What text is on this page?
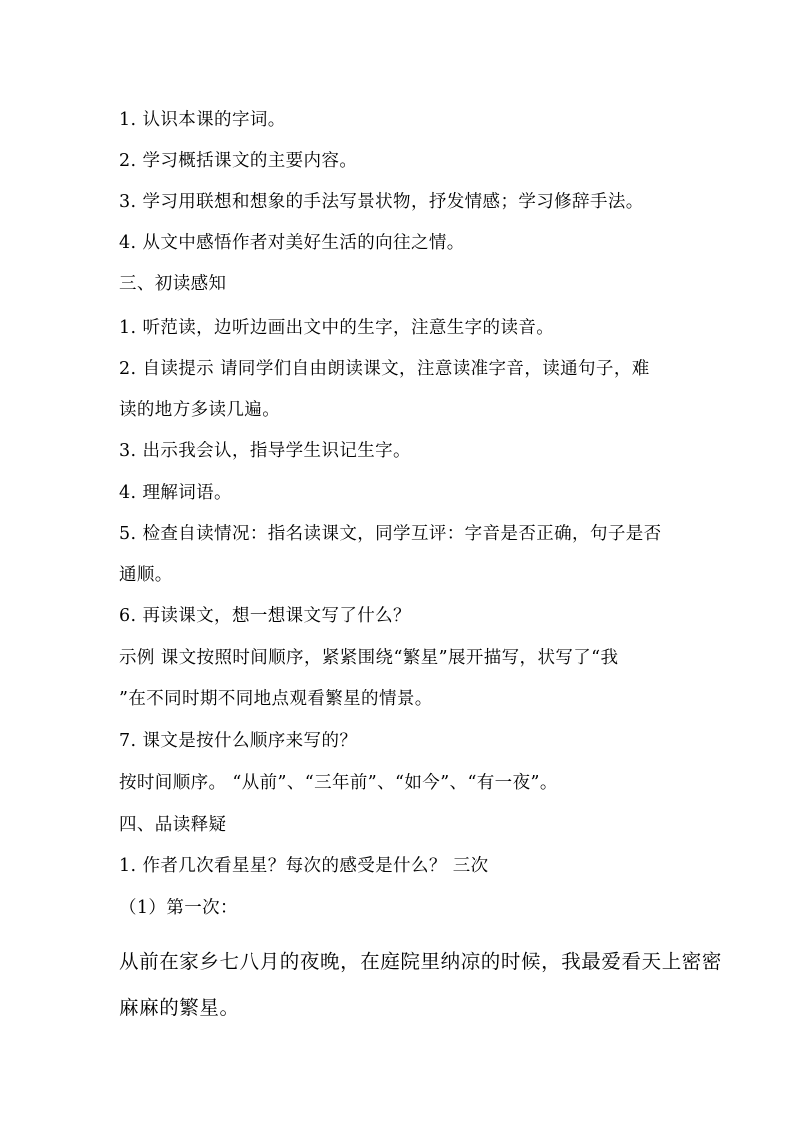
1. 认识本课的字词。
2. 学习概括课文的主要内容。
3. 学习用联想和想象的手法写景状物，抒发情感；学习修辞手法。
4. 从文中感悟作者对美好生活的向往之情。
三、初读感知
1. 听范读，边听边画出文中的生字，注意生字的读音。
2. 自读提示 请同学们自由朗读课文，注意读准字音，读通句子，难
读的地方多读几遍。
3. 出示我会认，指导学生识记生字。
4. 理解词语。
5. 检查自读情况：指名读课文，同学互评：字音是否正确，句子是否
通顺。
6. 再读课文，想一想课文写了什么？
示例 课文按照时间顺序，紧紧围绕“繁星”展开描写，状写了“我
”在不同时期不同地点观看繁星的情景。
7. 课文是按什么顺序来写的？
按时间顺序。 “从前”、“三年前”、“如今”、“有一夜”。
四、品读释疑
1. 作者几次看星星？每次的感受是什么？ 三次
（1）第一次：
从前在家乡七八月的夜晚，在庭院里纳凉的时候，我最爱看天上密密
麻麻的繁星。
